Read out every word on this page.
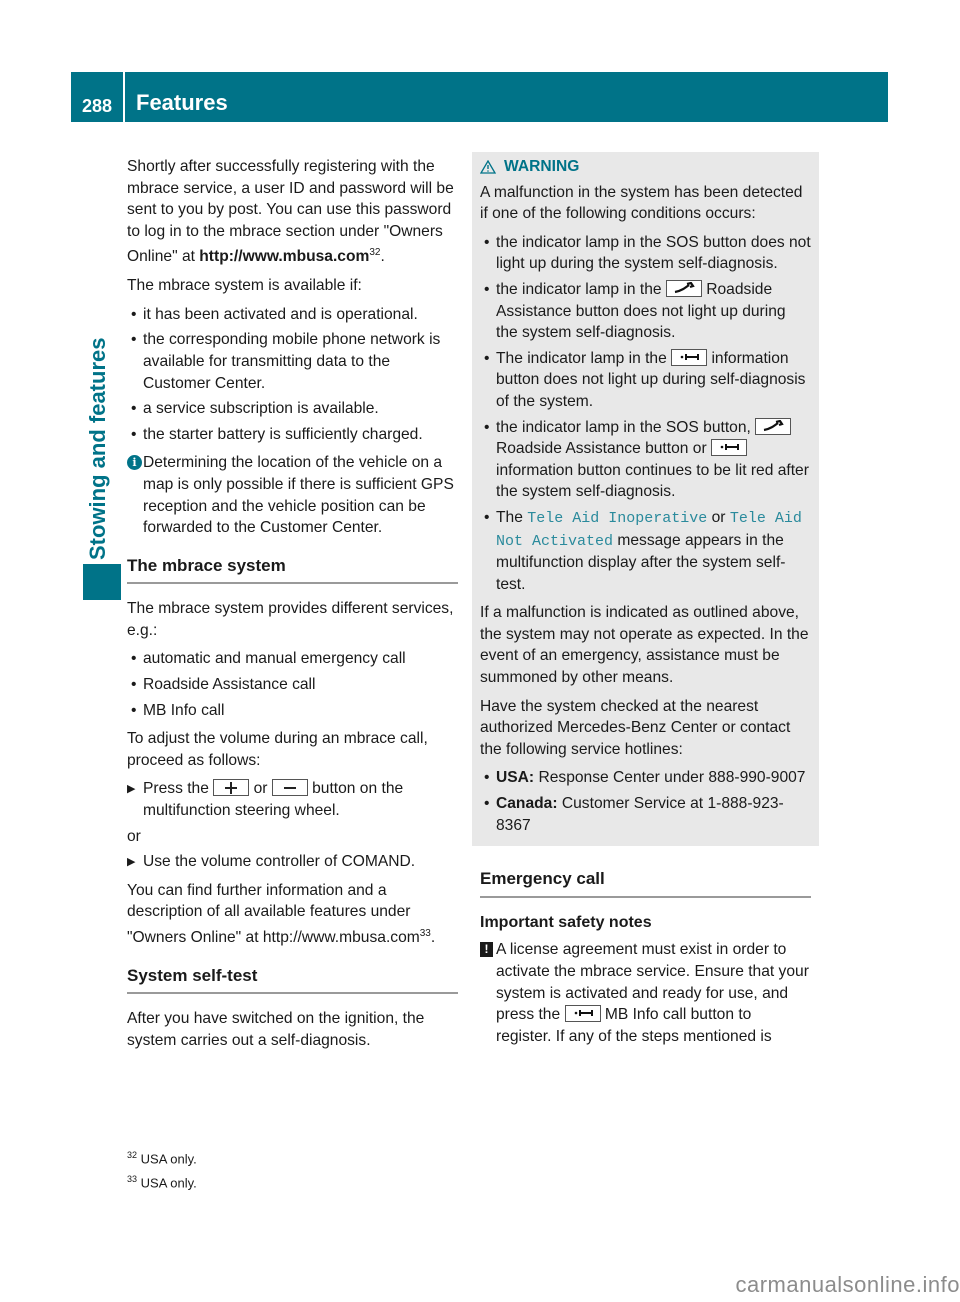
288	Features
Stowing and features

Shortly after successfully registering with the mbrace service, a user ID and password will be sent to you by post. You can use this password to log in to the mbrace section under "Owners Online" at http://www.mbusa.com$^{32}$.

The mbrace system is available if:

• it has been activated and is operational.
• the corresponding mobile phone network is available for transmitting data to the Customer Center.
• a service subscription is available.
• the starter battery is sufficiently charged.

i Determining the location of the vehicle on a map is only possible if there is sufficient GPS reception and the vehicle position can be forwarded to the Customer Center.

The mbrace system

The mbrace system provides different services, e.g.:

• automatic and manual emergency call
• Roadside Assistance call
• MB Info call

To adjust the volume during an mbrace call, proceed as follows:

▶ Press the	or	button on the multifunction steering wheel.

or

▶ Use the volume controller of COMAND.

You can find further information and a description of all available features under "Owners Online" at http://www.mbusa.com$^{33}$.

System self-test

After you have switched on the ignition, the system carries out a self-diagnosis.

WARNING

A malfunction in the system has been detected if one of the following conditions occurs:

• the indicator lamp in the SOS button does not light up during the system self-diagnosis.
• the indicator lamp in the	Roadside Assistance button does not light up during the system self-diagnosis.
• The indicator lamp in the	information button does not light up during self-diagnosis of the system.
• the indicator lamp in the SOS button,
Roadside Assistance button or
information button continues to be lit red after the system self-diagnosis.
• The Tele Aid Inoperative or Tele Aid Not Activated message appears in the multifunction display after the system self-test.

If a malfunction is indicated as outlined above, the system may not operate as expected. In the event of an emergency, assistance must be summoned by other means.

Have the system checked at the nearest authorized Mercedes-Benz Center or contact the following service hotlines:

• USA: Response Center under 888-990-9007
• Canada: Customer Service at 1-888-923-8367
Emergency call
Important safety notes

! A license agreement must exist in order to activate the mbrace service. Ensure that your system is activated and ready for use, and press the	MB Info call button to register. If any of the steps mentioned is

$^{32}$ USA only.
$^{33}$ USA only.
carmanualsonline.info
